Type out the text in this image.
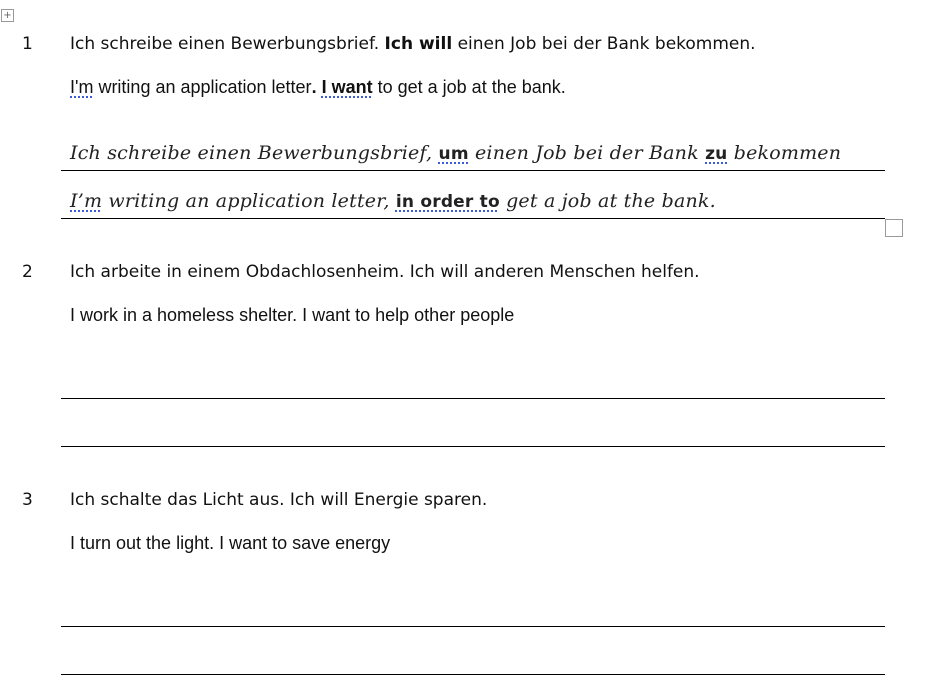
+
1 Ich schreibe einen Bewerbungsbrief. Ich will einen Job bei der Bank bekommen.
I'm writing an application letter. I want to get a job at the bank.
Ich schreibe einen Bewerbungsbrief, um einen Job bei der Bank zu bekommen
I’m writing an application letter, in order to get a job at the bank.
2 Ich arbeite in einem Obdachlosenheim. Ich will anderen Menschen helfen.
I work in a homeless shelter. I want to help other people
3 Ich schalte das Licht aus. Ich will Energie sparen.
I turn out the light. I want to save energy
